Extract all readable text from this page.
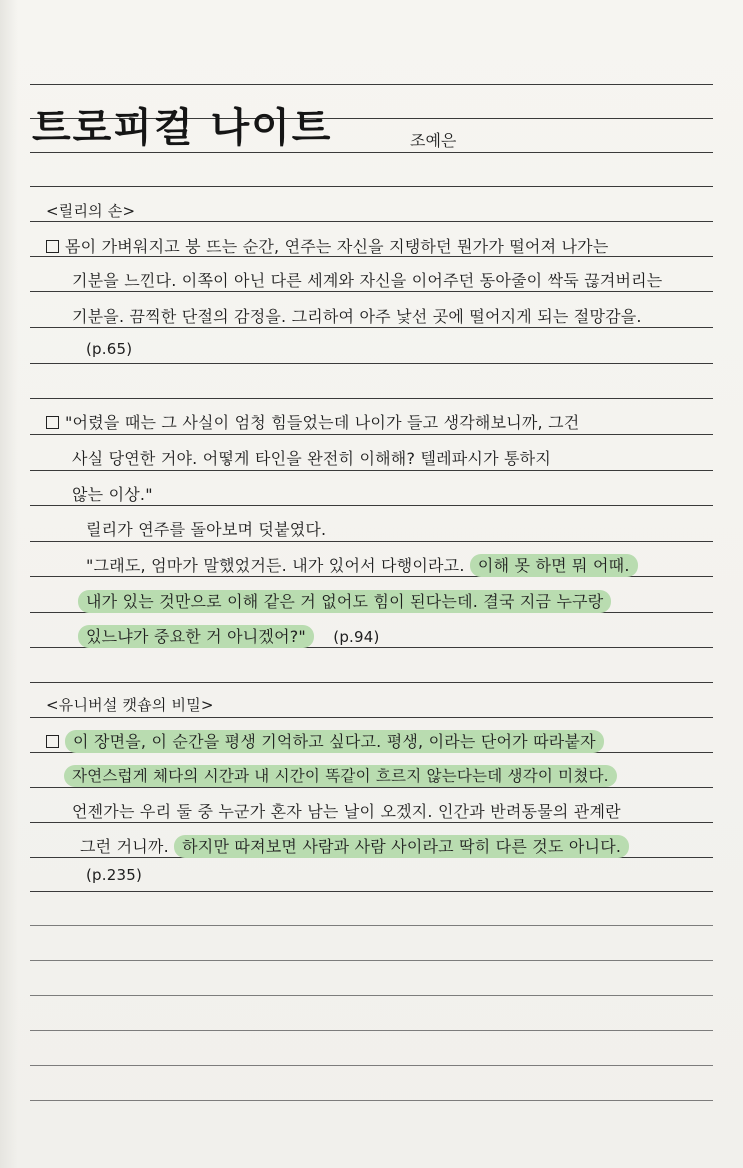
트로피컬 나이트	조예은
<릴리의 손>
몸이 가벼워지고 붕 뜨는 순간, 연주는 자신을 지탱하던 뭔가가 떨어져 나가는
기분을 느낀다. 이쪽이 아닌 다른 세계와 자신을 이어주던 동아줄이 싹둑 끊겨버리는
기분을. 끔찍한 단절의 감정을. 그리하여 아주 낯선 곳에 떨어지게 되는 절망감을.
(p.65)
"어렸을 때는 그 사실이 엄청 힘들었는데 나이가 들고 생각해보니까, 그건
사실 당연한 거야. 어떻게 타인을 완전히 이해해? 텔레파시가 통하지
않는 이상."
릴리가 연주를 돌아보며 덧붙였다.
"그래도, 엄마가 말했었거든. 내가 있어서 다행이라고. 이해 못 하면 뭐 어때.
내가 있는 것만으로 이해 같은 거 없어도 힘이 된다는데. 결국 지금 누구랑
있느냐가 중요한 거 아니겠어?" (p.94)
<유니버설 캣숍의 비밀>
이 장면을, 이 순간을 평생 기억하고 싶다고. 평생, 이라는 단어가 따라붙자
자연스럽게 체다의 시간과 내 시간이 똑같이 흐르지 않는다는데 생각이 미쳤다.
언젠가는 우리 둘 중 누군가 혼자 남는 날이 오겠지. 인간과 반려동물의 관계란
그런 거니까. 하지만 따져보면 사람과 사람 사이라고 딱히 다른 것도 아니다.
(p.235)
